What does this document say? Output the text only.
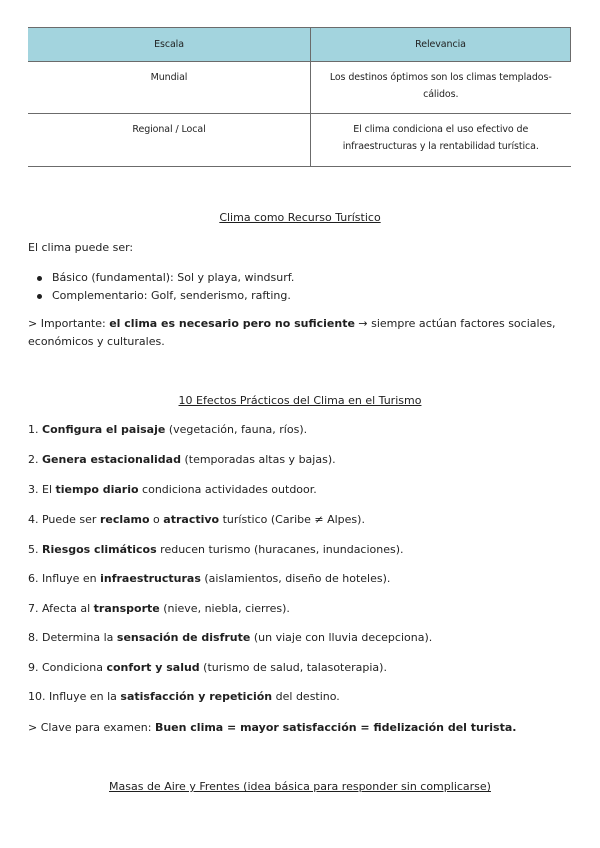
Escala	Relevancia
Mundial	Los destinos óptimos son los climas templados-cálidos.
Regional / Local	El clima condiciona el uso efectivo de infraestructuras y la rentabilidad turística.
Clima como Recurso Turístico
El clima puede ser:
Básico (fundamental): Sol y playa, windsurf.
Complementario: Golf, senderismo, rafting.
> Importante: el clima es necesario pero no suficiente → siempre actúan factores sociales, económicos y culturales.
10 Efectos Prácticos del Clima en el Turismo
1. Configura el paisaje (vegetación, fauna, ríos).
2. Genera estacionalidad (temporadas altas y bajas).
3. El tiempo diario condiciona actividades outdoor.
4. Puede ser reclamo o atractivo turístico (Caribe ≠ Alpes).
5. Riesgos climáticos reducen turismo (huracanes, inundaciones).
6. Influye en infraestructuras (aislamientos, diseño de hoteles).
7. Afecta al transporte (nieve, niebla, cierres).
8. Determina la sensación de disfrute (un viaje con lluvia decepciona).
9. Condiciona confort y salud (turismo de salud, talasoterapia).
10. Influye en la satisfacción y repetición del destino.
> Clave para examen: Buen clima = mayor satisfacción = fidelización del turista.
Masas de Aire y Frentes (idea básica para responder sin complicarse)
